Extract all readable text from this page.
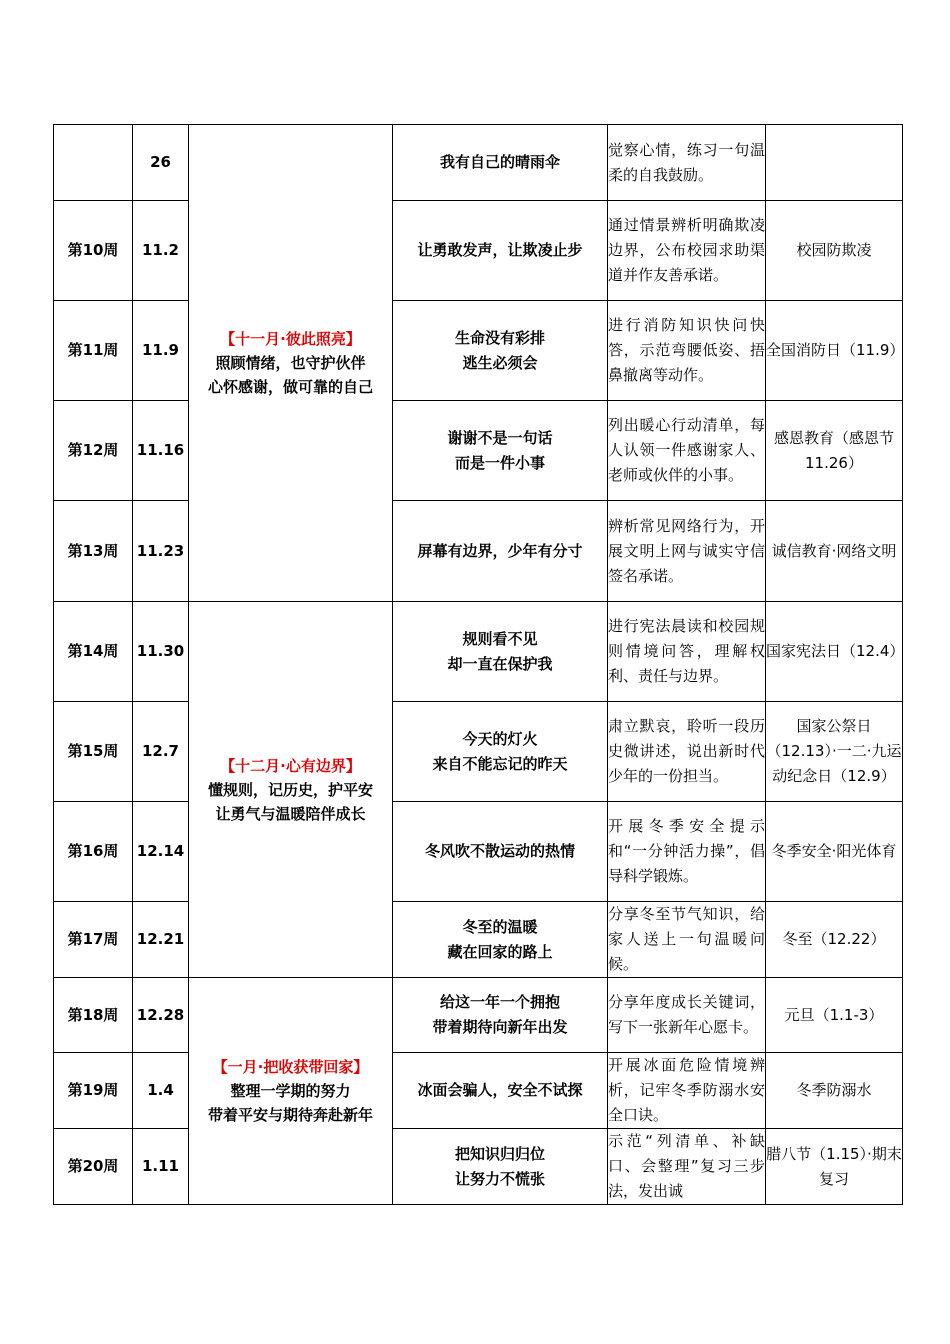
	26	【十一月·彼此照亮】
照顾情绪，也守护伙伴
心怀感谢，做可靠的自己	我有自己的晴雨伞	觉察心情，练习一句温柔的自我鼓励。	
第10周	11.2		让勇敢发声，让欺凌止步	通过情景辨析明确欺凌边界，公布校园求助渠道并作友善承诺。	校园防欺凌
第11周	11.9		生命没有彩排
逃生必须会	进行消防知识快问快答，示范弯腰低姿、捂鼻撤离等动作。	全国消防日（11.9）
第12周	11.16		谢谢不是一句话
而是一件小事	列出暖心行动清单，每人认领一件感谢家人、老师或伙伴的小事。	感恩教育（感恩节 11.26）
第13周	11.23		屏幕有边界，少年有分寸	辨析常见网络行为，开展文明上网与诚实守信签名承诺。	诚信教育·网络文明
第14周	11.30	【十二月·心有边界】
懂规则，记历史，护平安
让勇气与温暖陪伴成长	规则看不见
却一直在保护我	进行宪法晨读和校园规则情境问答，理解权利、责任与边界。	国家宪法日（12.4）
第15周	12.7		今天的灯火
来自不能忘记的昨天	肃立默哀，聆听一段历史微讲述，说出新时代少年的一份担当。	国家公祭日（12.13）·一二·九运动纪念日（12.9）
第16周	12.14		冬风吹不散运动的热情	开展冬季安全提示和“一分钟活力操”，倡导科学锻炼。	冬季安全·阳光体育
第17周	12.21		冬至的温暖
藏在回家的路上	分享冬至节气知识，给家人送上一句温暖问候。	冬至（12.22）
第18周	12.28	【一月·把收获带回家】
整理一学期的努力
带着平安与期待奔赴新年	给这一年一个拥抱
带着期待向新年出发	分享年度成长关键词，写下一张新年心愿卡。	元旦（1.1-3）
第19周	1.4		冰面会骗人，安全不试探	开展冰面危险情境辨析，记牢冬季防溺水安全口诀。	冬季防溺水
第20周	1.11		把知识归归位
让努力不慌张	示范“列清单、补缺口、会整理”复习三步法，发出诚	腊八节（1.15）·期末复习
